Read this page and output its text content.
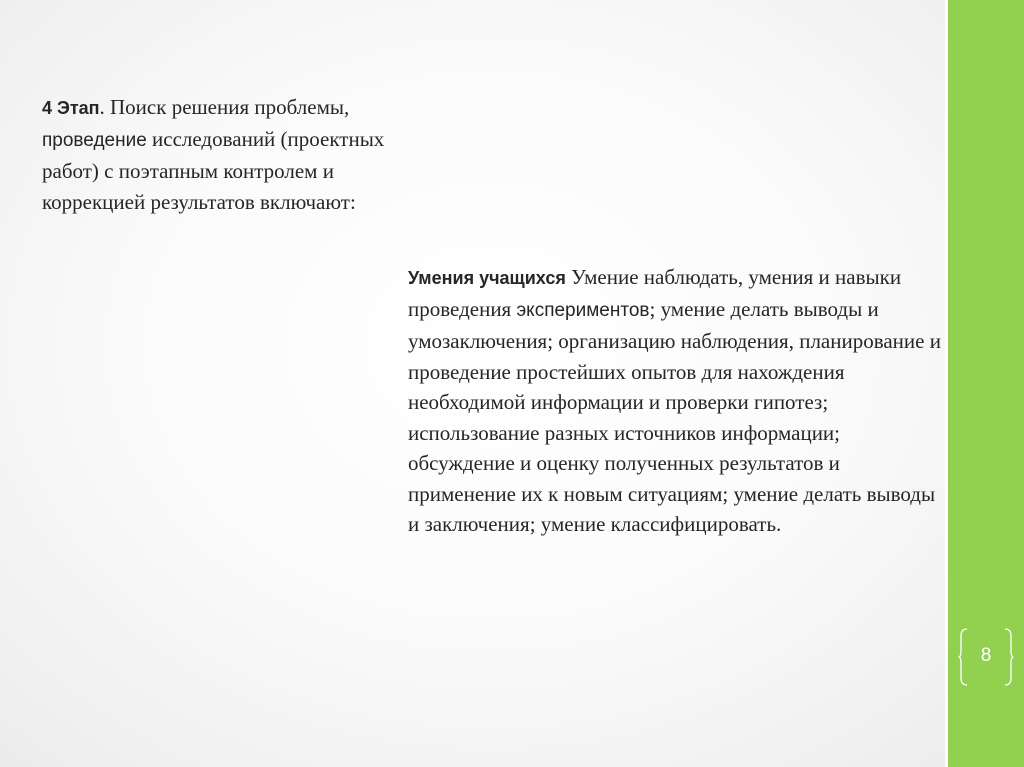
8
4 Этап. Поиск решения проблемы, проведение исследований (проектных работ) с поэтапным контролем и коррекцией результатов включают:
Умения учащихся Умение наблюдать, умения и навыки проведения экспериментов; умение делать выводы и умозаключения; организацию наблюдения, планирование и проведение простейших опытов для нахождения необходимой информации и проверки гипотез; использование разных источников информации; обсуждение и оценку полученных результатов и применение их к новым ситуациям; умение делать выводы и заключения; умение классифицировать.
